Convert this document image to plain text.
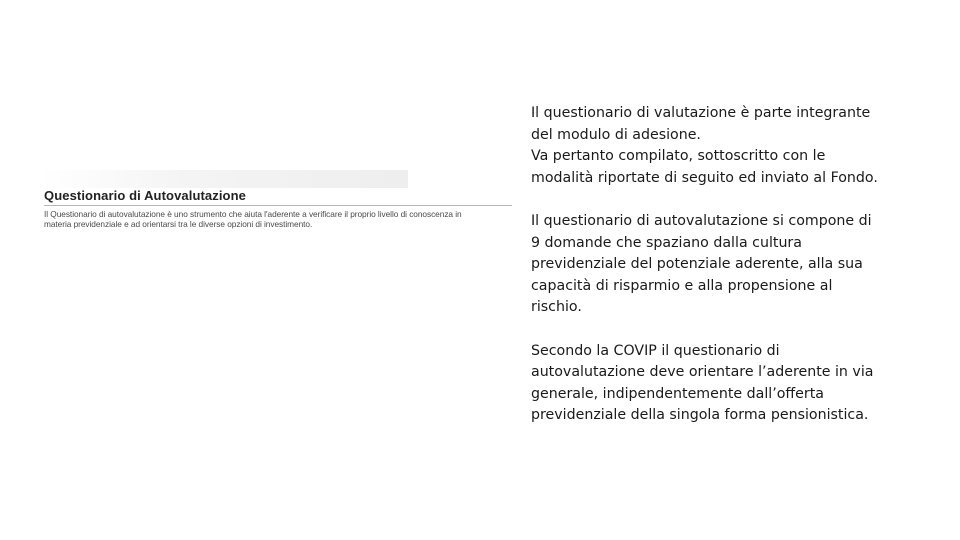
Questionario di Autovalutazione
Il Questionario di autovalutazione è uno strumento che aiuta l'aderente a verificare il proprio livello di conoscenza in
materia previdenziale e ad orientarsi tra le diverse opzioni di investimento.

Il questionario di valutazione è parte integrante
del modulo di adesione.
Va pertanto compilato, sottoscritto con le
modalità riportate di seguito ed inviato al Fondo.

Il questionario di autovalutazione si compone di
9 domande che spaziano dalla cultura
previdenziale del potenziale aderente, alla sua
capacità di risparmio e alla propensione al
rischio.

Secondo la COVIP il questionario di
autovalutazione deve orientare l’aderente in via
generale, indipendentemente dall’offerta
previdenziale della singola forma pensionistica.
